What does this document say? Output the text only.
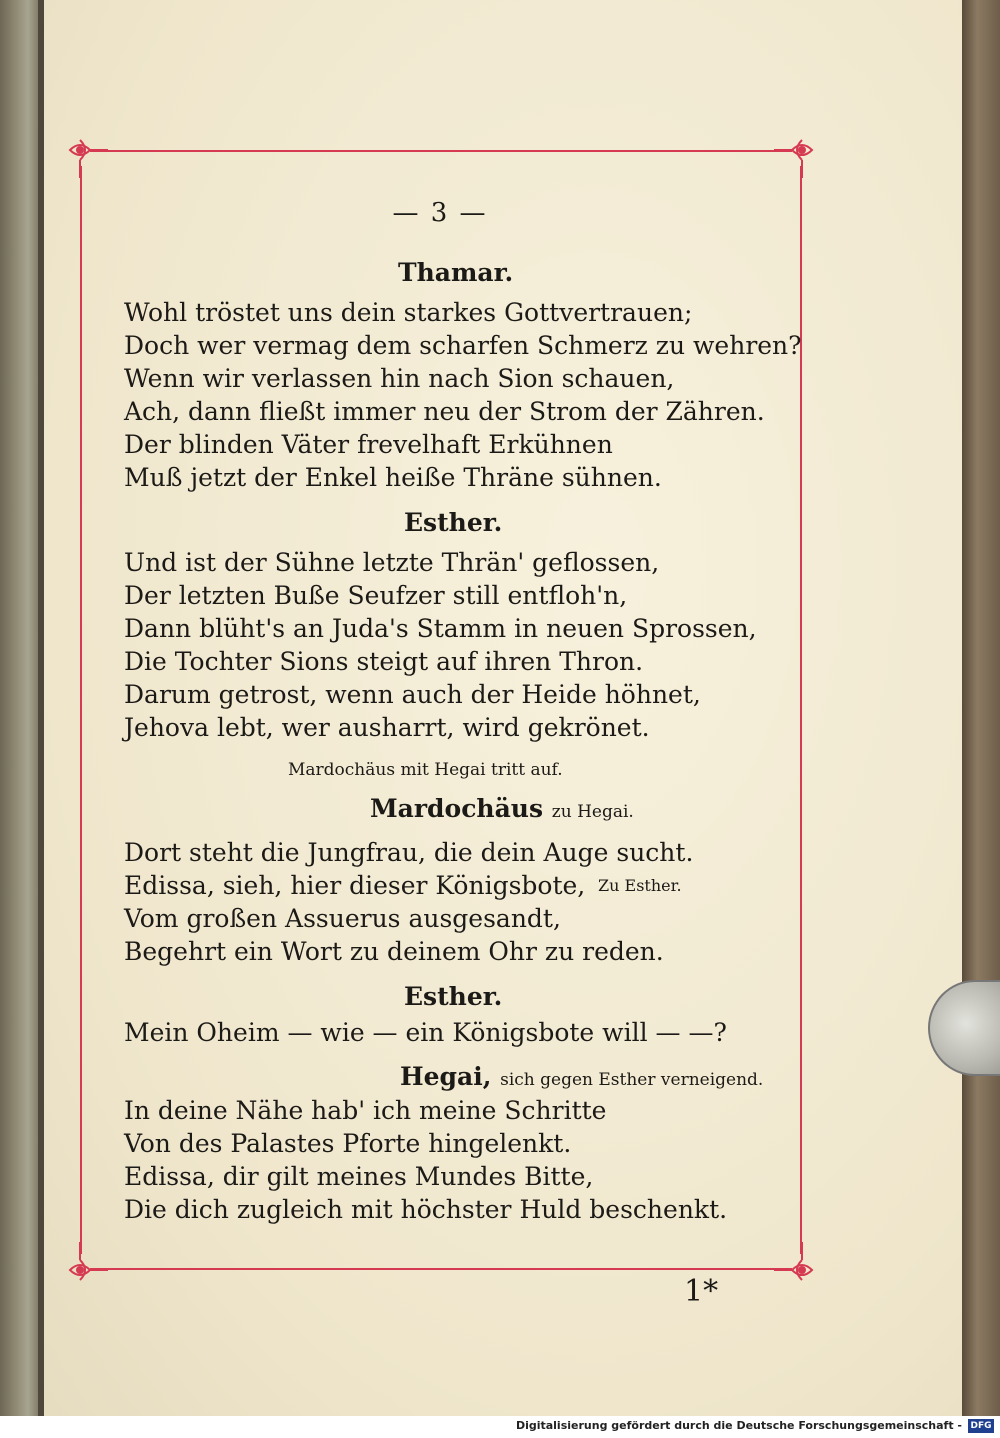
— 3 —
Thamar.
Wohl tröstet uns dein starkes Gottvertrauen;
Doch wer vermag dem scharfen Schmerz zu wehren?
Wenn wir verlassen hin nach Sion schauen,
Ach, dann fließt immer neu der Strom der Zähren.
Der blinden Väter frevelhaft Erkühnen
Muß jetzt der Enkel heiße Thräne sühnen.
Esther.
Und ist der Sühne letzte Thrän' geflossen,
Der letzten Buße Seufzer still entfloh'n,
Dann blüht's an Juda's Stamm in neuen Sprossen,
Die Tochter Sions steigt auf ihren Thron.
Darum getrost, wenn auch der Heide höhnet,
Jehova lebt, wer ausharrt, wird gekrönet.
Mardochäus mit Hegai tritt auf.
Mardochäus zu Hegai.
Dort steht die Jungfrau, die dein Auge sucht.
Edissa, sieh, hier dieser Königsbote, Zu Esther.
Vom großen Assuerus ausgesandt,
Begehrt ein Wort zu deinem Ohr zu reden.
Esther.
Mein Oheim — wie — ein Königsbote will — —?
Hegai, sich gegen Esther verneigend.
In deine Nähe hab' ich meine Schritte
Von des Palastes Pforte hingelenkt.
Edissa, dir gilt meines Mundes Bitte,
Die dich zugleich mit höchster Huld beschenkt.
1*
Digitalisierung gefördert durch die Deutsche Forschungsgemeinschaft - DFG
